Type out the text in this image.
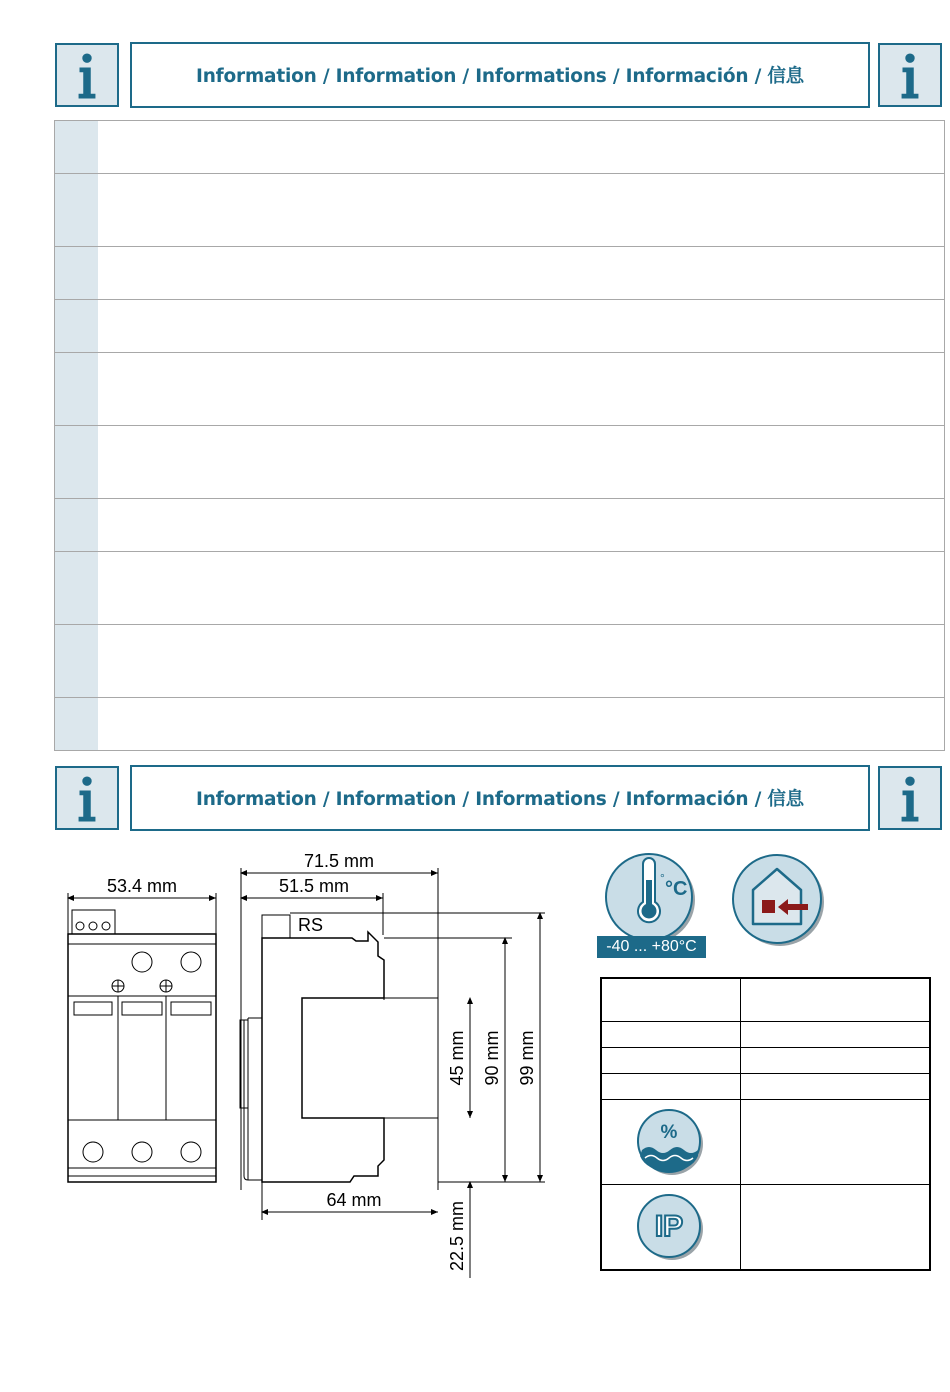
Information / Information / Informations / Información / 信息
Information / Information / Informations / Información / 信息
53.4 mm
71.5 mm
51.5 mm
RS
64 mm
45 mm 90 mm 99 mm
22.5 mm
° °C
-40 ... +80°C

%	

IP	
